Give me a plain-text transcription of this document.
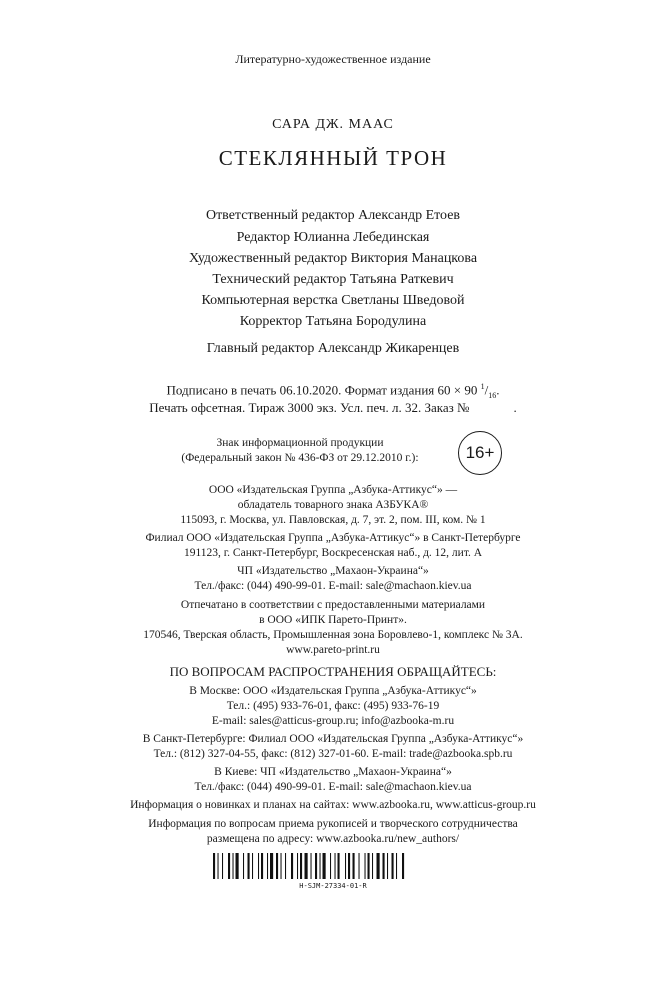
Литературно-художественное издание
САРА ДЖ. МААС
СТЕКЛЯННЫЙ ТРОН
Ответственный редактор Александр Етоев
Редактор Юлианна Лебединская
Художественный редактор Виктория Манацкова
Технический редактор Татьяна Раткевич
Компьютерная верстка Светланы Шведовой
Корректор Татьяна Бородулина
Главный редактор Александр Жикаренцев
Подписано в печать 06.10.2020. Формат издания 60 × 90 $^1/_{16}$.
Печать офсетная. Тираж 3000 экз. Усл. печ. л. 32. Заказ №	.
Знак информационной продукции
(Федеральный закон № 436-ФЗ от 29.12.2010 г.):	16+
ООО «Издательская Группа „Азбука-Аттикус“» —
обладатель товарного знака АЗБУКА®
115093, г. Москва, ул. Павловская, д. 7, эт. 2, пом. III, ком. № 1
Филиал ООО «Издательская Группа „Азбука-Аттикус“» в Санкт-Петербурге
191123, г. Санкт-Петербург, Воскресенская наб., д. 12, лит. А
ЧП «Издательство „Махаон-Украина“»
Тел./факс: (044) 490-99-01. E-mail: sale@machaon.kiev.ua
Отпечатано в соответствии с предоставленными материалами
в ООО «ИПК Парето-Принт».
170546, Тверская область, Промышленная зона Боровлево-1, комплекс № 3А.
www.pareto-print.ru
ПО ВОПРОСАМ РАСПРОСТРАНЕНИЯ ОБРАЩАЙТЕСЬ:
В Москве: ООО «Издательская Группа „Азбука-Аттикус“»
Тел.: (495) 933-76-01, факс: (495) 933-76-19
E-mail: sales@atticus-group.ru; info@azbooka-m.ru
В Санкт-Петербурге: Филиал ООО «Издательская Группа „Азбука-Аттикус“»
Тел.: (812) 327-04-55, факс: (812) 327-01-60. E-mail: trade@azbooka.spb.ru
В Киеве: ЧП «Издательство „Махаон-Украина“»
Тел./факс: (044) 490-99-01. E-mail: sale@machaon.kiev.ua
Информация о новинках и планах на сайтах: www.azbooka.ru, www.atticus-group.ru
Информация по вопросам приема рукописей и творческого сотрудничества
размещена по адресу: www.azbooka.ru/new_authors/
Н-SJM-27334-01-R
